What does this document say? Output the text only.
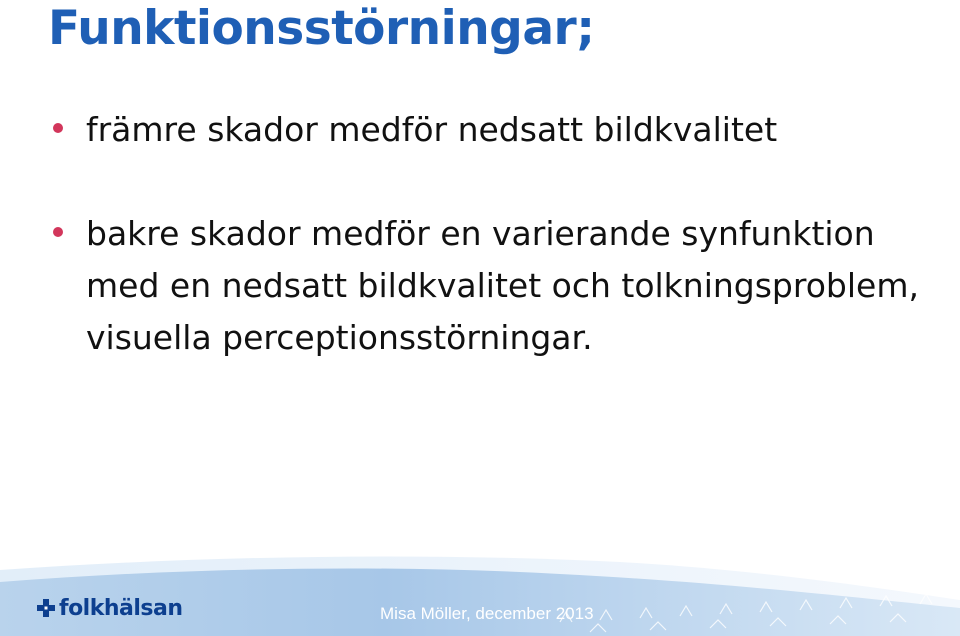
Funktionsstörningar;
främre skador medför nedsatt bildkvalitet
bakre skador medför en varierande synfunktion med en nedsatt bildkvalitet och tolkningsproblem, visuella perceptionsstörningar.
folkhälsan	Misa Möller, december 2013
